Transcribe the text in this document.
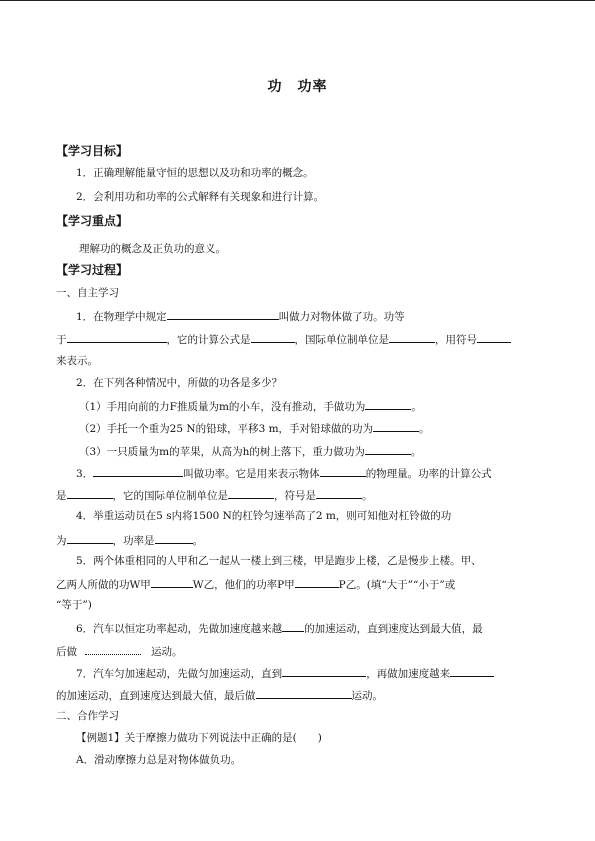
功　功率
【学习目标】
1．正确理解能量守恒的思想以及功和功率的概念。
2．会利用功和功率的公式解释有关现象和进行计算。
【学习重点】
理解功的概念及正负功的意义。
【学习过程】
一、自主学习
1．在物理学中规定	叫做力对物体做了功。功等
于	，它的计算公式是	，国际单位制单位是	，用符号
来表示。
2．在下列各种情况中，所做的功各是多少？
（1）手用向前的力F推质量为m的小车，没有推动，手做功为	。
（2）手托一个重为25 N的铅球，平移3 m，手对铅球做的功为	。
（3）一只质量为m的苹果，从高为h的树上落下，重力做功为	。
3．	叫做功率。它是用来表示物体	的物理量。功率的计算公式
是	，它的国际单位制单位是	，符号是	。
4．举重运动员在5 s内将1500 N的杠铃匀速举高了2 m，则可知他对杠铃做的功
为	，功率是	。
5．两个体重相同的人甲和乙一起从一楼上到三楼，甲是跑步上楼，乙是慢步上楼。甲、
乙两人所做的功W甲	W乙，他们的功率P甲	P乙。(填“大于”“小于”或
“等于”)
6．汽车以恒定功率起动，先做加速度越来越 的加速运动，直到速度达到最大值，最
后做	运动。
7．汽车匀加速起动，先做匀加速运动，直到	，再做加速度越来
的加速运动，直到速度达到最大值，最后做	运动。
二、合作学习
【例题1】关于摩擦力做功下列说法中正确的是(　　)
A．滑动摩擦力总是对物体做负功。
